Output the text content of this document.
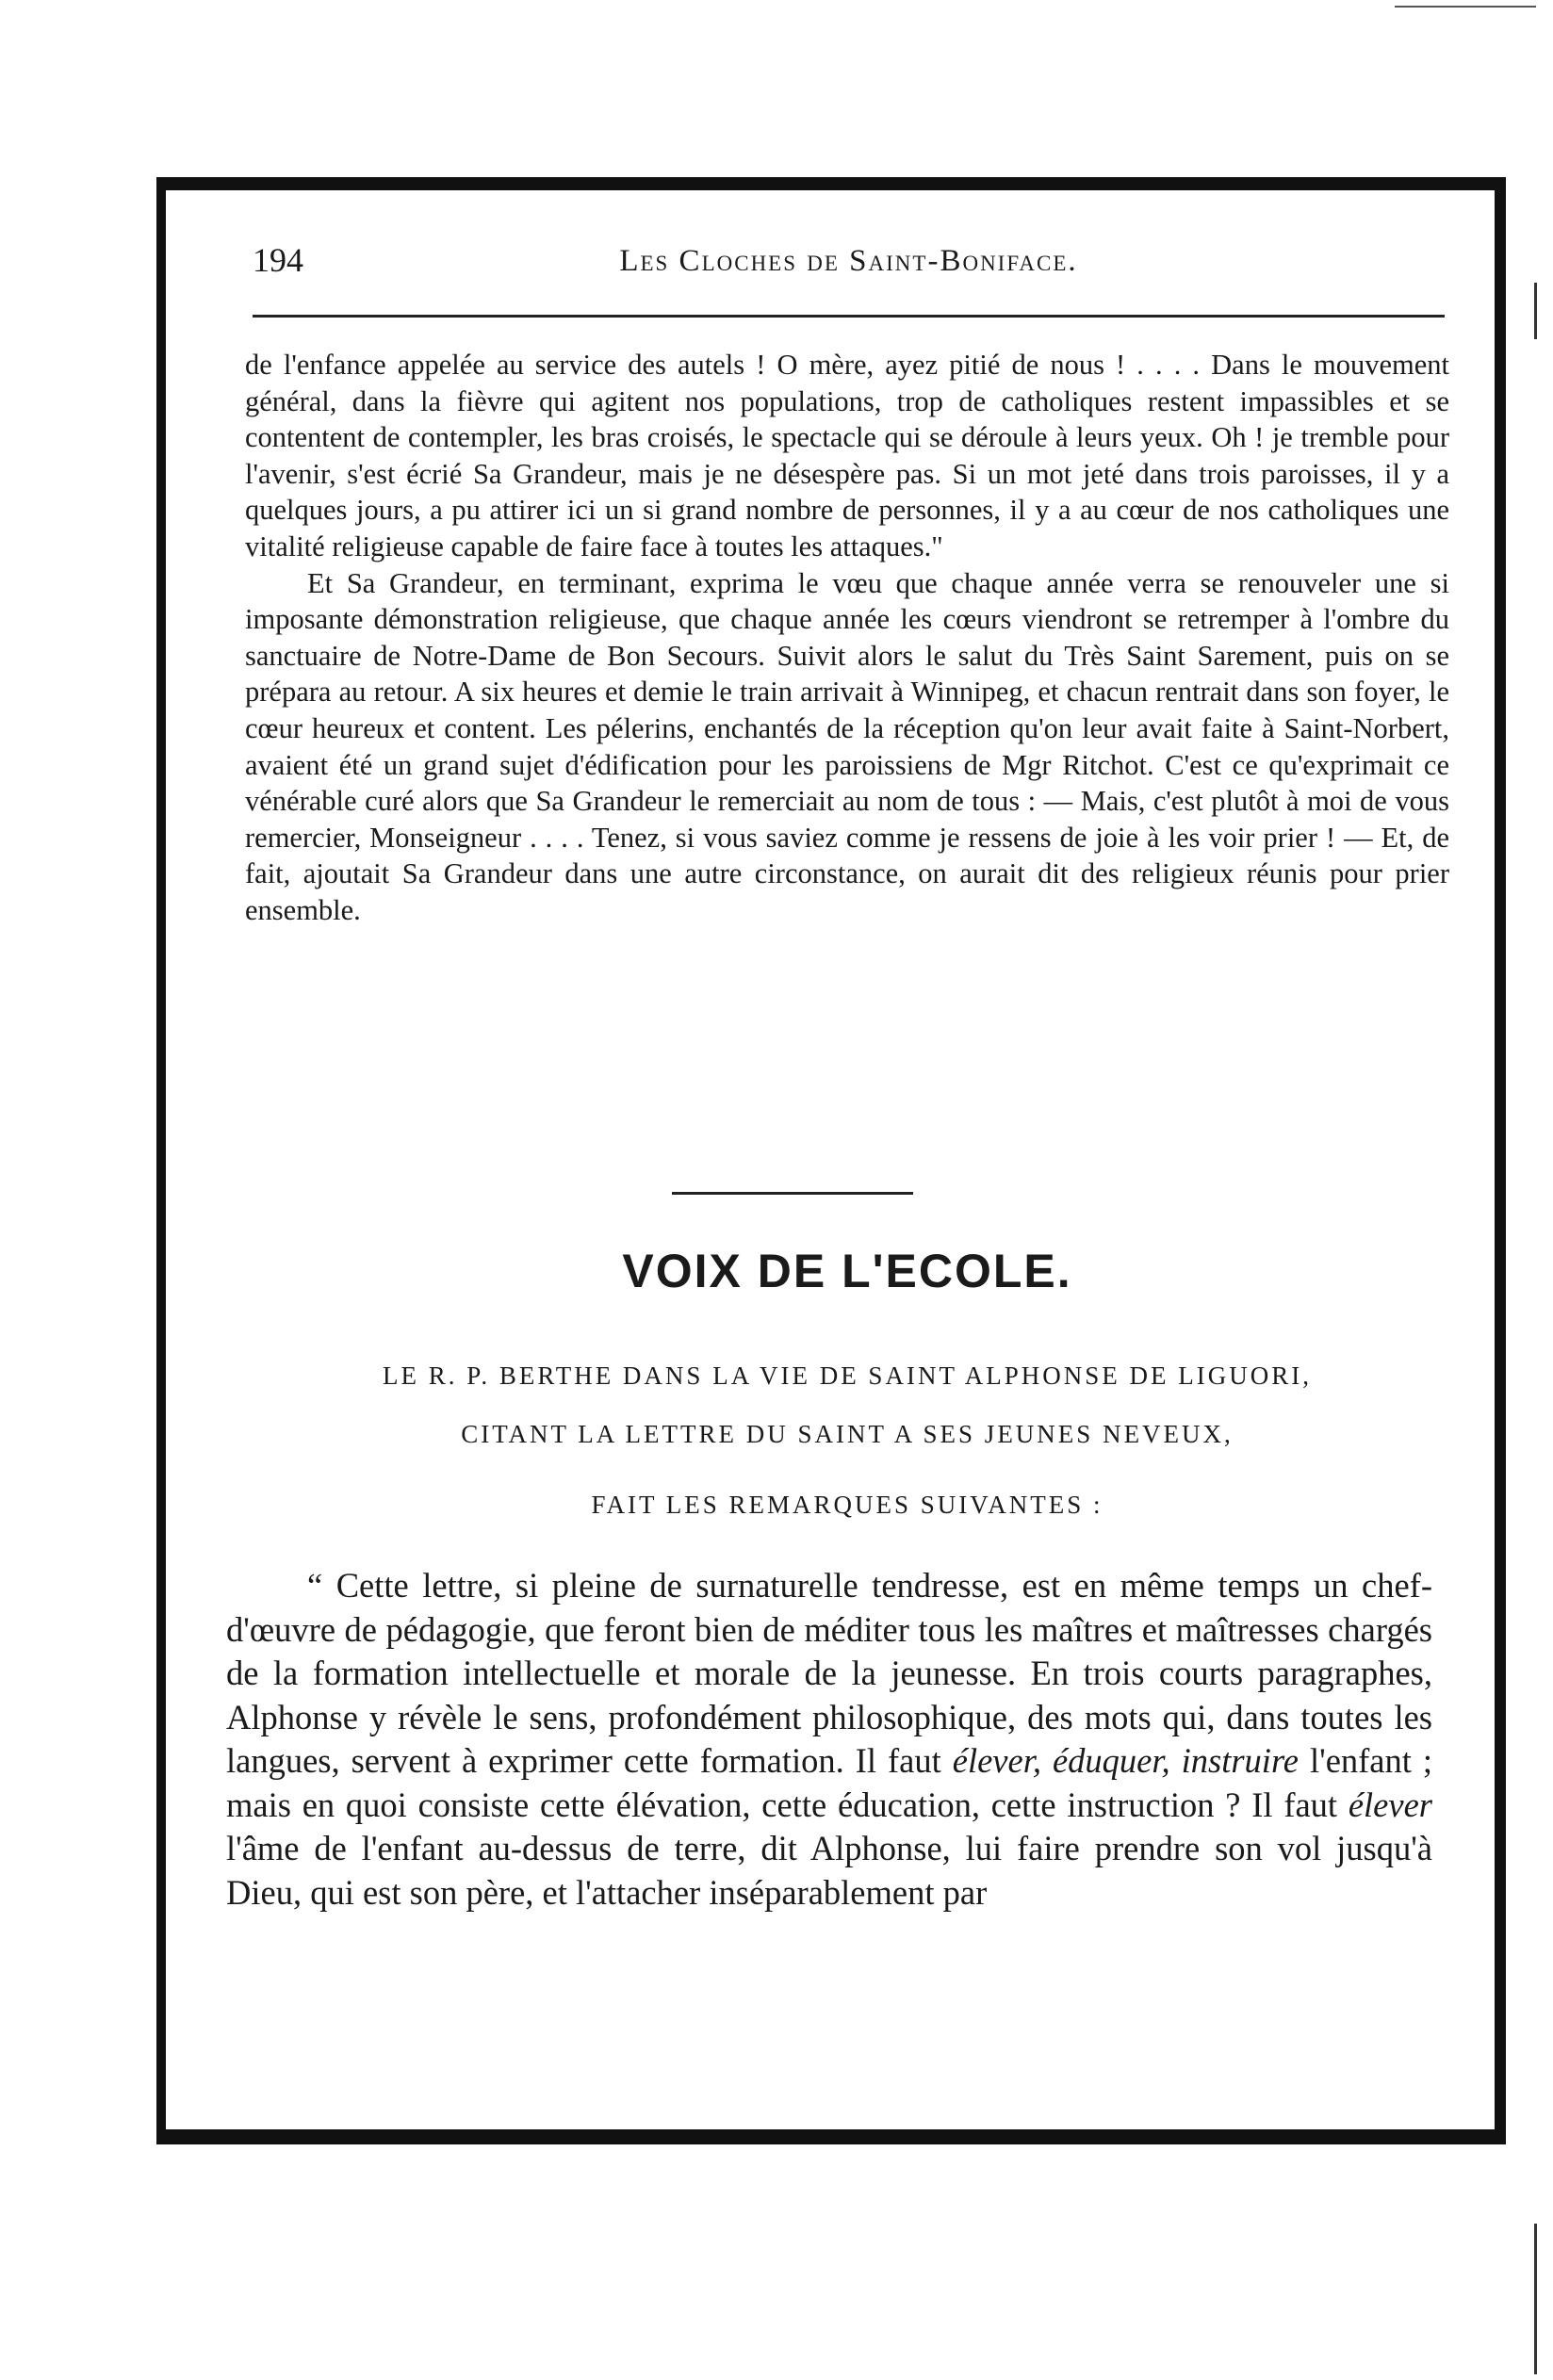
194	Les Cloches de Saint-Boniface.

de l'enfance appelée au service des autels ! O mère, ayez pitié de nous ! . . . . Dans le mouvement général, dans la fièvre qui agitent nos populations, trop de catholiques restent impassibles et se contentent de contempler, les bras croisés, le spectacle qui se déroule à leurs yeux. Oh ! je tremble pour l'avenir, s'est écrié Sa Grandeur, mais je ne désespère pas. Si un mot jeté dans trois paroisses, il y a quelques jours, a pu attirer ici un si grand nombre de personnes, il y a au cœur de nos catholiques une vitalité religieuse capable de faire face à toutes les attaques."

Et Sa Grandeur, en terminant, exprima le vœu que chaque année verra se renouveler une si imposante démonstration religieuse, que chaque année les cœurs viendront se retremper à l'ombre du sanctuaire de Notre-Dame de Bon Secours. Suivit alors le salut du Très Saint Sarement, puis on se prépara au retour. A six heures et demie le train arrivait à Winnipeg, et chacun rentrait dans son foyer, le cœur heureux et content. Les pélerins, enchantés de la réception qu'on leur avait faite à Saint-Norbert, avaient été un grand sujet d'édification pour les paroissiens de Mgr Ritchot. C'est ce qu'exprimait ce vénérable curé alors que Sa Grandeur le remerciait au nom de tous : — Mais, c'est plutôt à moi de vous remercier, Monseigneur . . . . Tenez, si vous saviez comme je ressens de joie à les voir prier ! — Et, de fait, ajoutait Sa Grandeur dans une autre circonstance, on aurait dit des religieux réunis pour prier ensemble.

VOIX DE L'ECOLE.
LE R. P. BERTHE DANS LA VIE DE SAINT ALPHONSE DE LIGUORI,
CITANT LA LETTRE DU SAINT A SES JEUNES NEVEUX,
FAIT LES REMARQUES SUIVANTES :

“ Cette lettre, si pleine de surnaturelle tendresse, est en même temps un chef-d'œuvre de pédagogie, que feront bien de méditer tous les maîtres et maîtresses chargés de la formation intellectuelle et morale de la jeunesse. En trois courts paragraphes, Alphonse y révèle le sens, profondément philosophique, des mots qui, dans toutes les langues, servent à exprimer cette formation. Il faut élever, éduquer, instruire l'enfant ; mais en quoi consiste cette élévation, cette éducation, cette instruction ? Il faut élever l'âme de l'enfant au-dessus de terre, dit Alphonse, lui faire prendre son vol jusqu'à Dieu, qui est son père, et l'attacher inséparablement par
